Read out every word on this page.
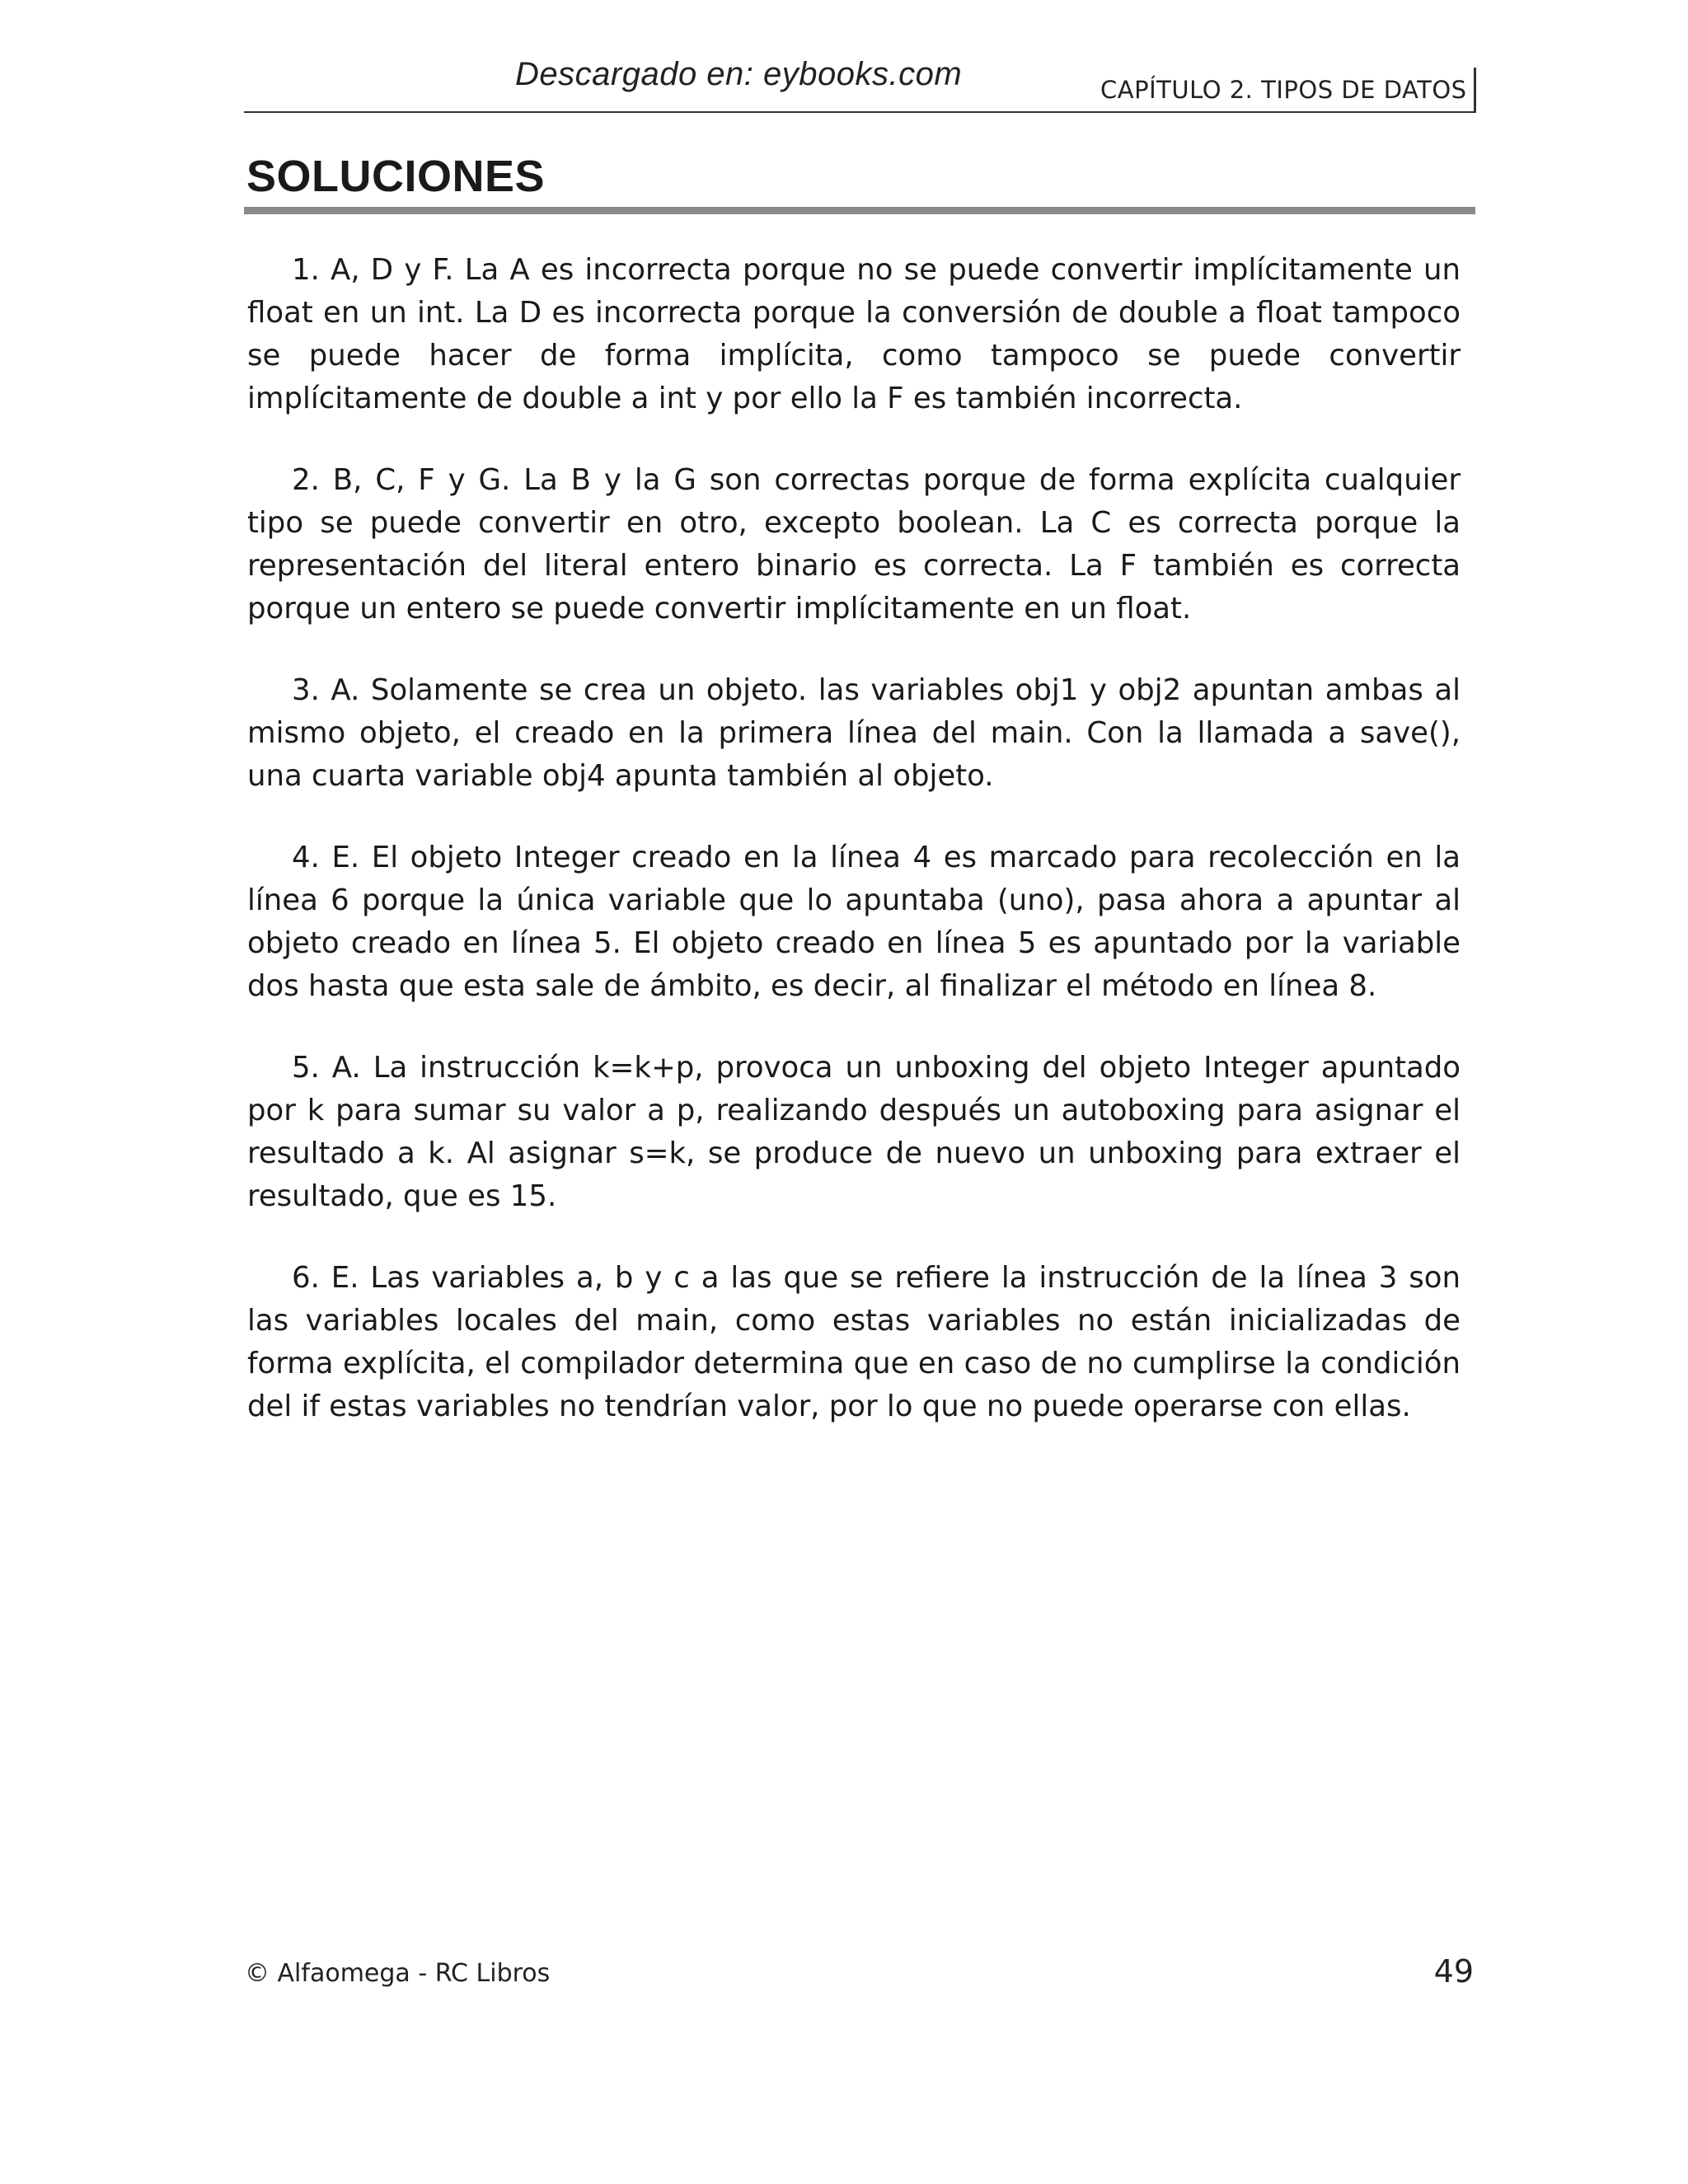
Descargado en: eybooks.com	CAPÍTULO 2. TIPOS DE DATOS
SOLUCIONES

1. A, D y F. La A es incorrecta porque no se puede convertir implícitamente un float en un int. La D es incorrecta porque la conversión de double a float tampoco se puede hacer de forma implícita, como tampoco se puede convertir implícitamente de double a int y por ello la F es también incorrecta.

2. B, C, F y G. La B y la G son correctas porque de forma explícita cualquier tipo se puede convertir en otro, excepto boolean. La C es correcta porque la representación del literal entero binario es correcta. La F también es correcta porque un entero se puede convertir implícitamente en un float.

3. A. Solamente se crea un objeto. las variables obj1 y obj2 apuntan ambas al mismo objeto, el creado en la primera línea del main. Con la llamada a save(), una cuarta variable obj4 apunta también al objeto.

4. E. El objeto Integer creado en la línea 4 es marcado para recolección en la línea 6 porque la única variable que lo apuntaba (uno), pasa ahora a apuntar al objeto creado en línea 5. El objeto creado en línea 5 es apuntado por la variable dos hasta que esta sale de ámbito, es decir, al finalizar el método en línea 8.

5. A. La instrucción k=k+p, provoca un unboxing del objeto Integer apuntado por k para sumar su valor a p, realizando después un autoboxing para asignar el resultado a k. Al asignar s=k, se produce de nuevo un unboxing para extraer el resultado, que es 15.

6. E. Las variables a, b y c a las que se refiere la instrucción de la línea 3 son las variables locales del main, como estas variables no están inicializadas de forma explícita, el compilador determina que en caso de no cumplirse la condición del if estas variables no tendrían valor, por lo que no puede operarse con ellas.

© Alfaomega - RC Libros	49
